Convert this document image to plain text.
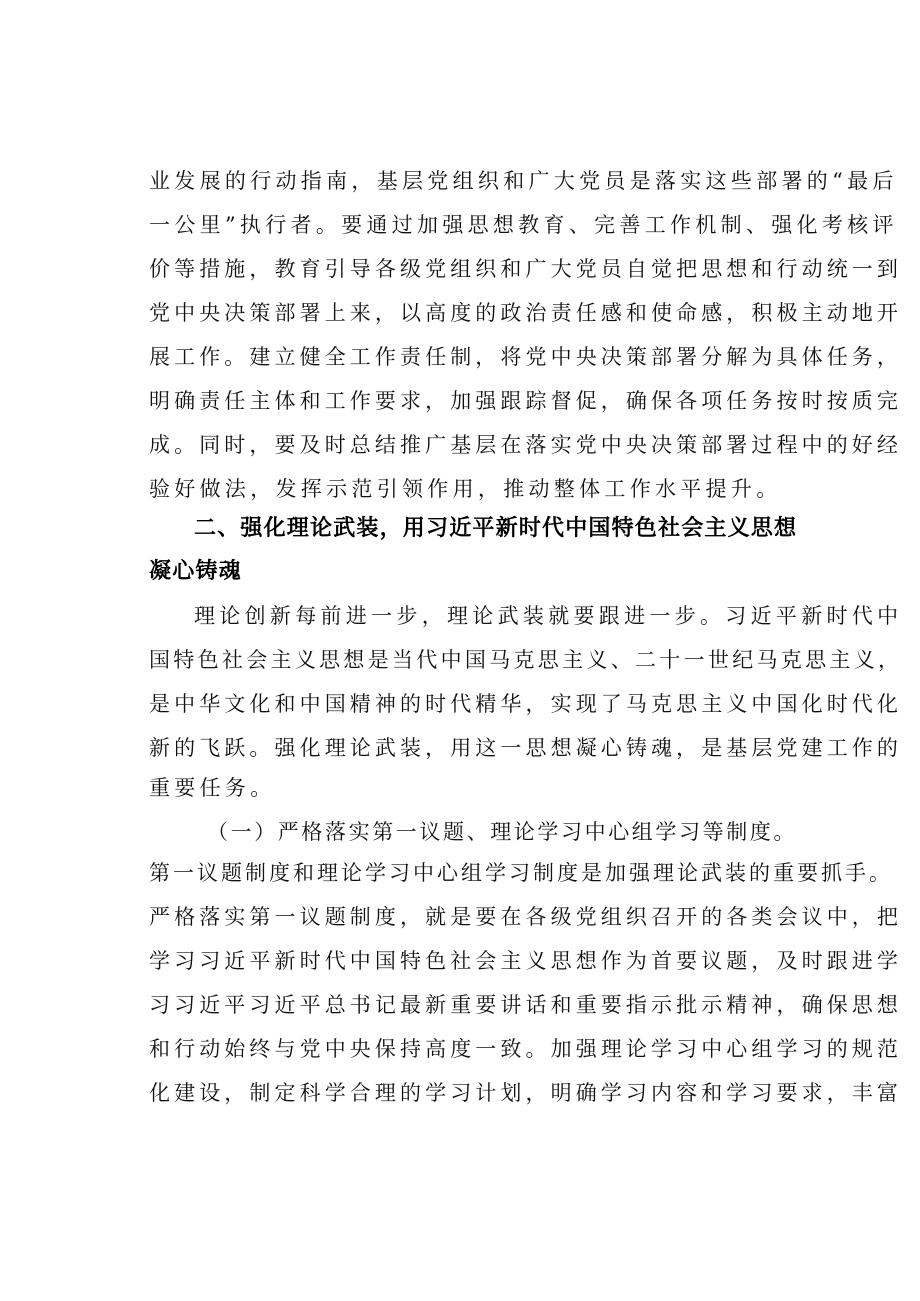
业发展的行动指南，基层党组织和广大党员是落实这些部署的“最后
一公里”执行者。要通过加强思想教育、完善工作机制、强化考核评
价等措施，教育引导各级党组织和广大党员自觉把思想和行动统一到
党中央决策部署上来，以高度的政治责任感和使命感，积极主动地开
展工作。建立健全工作责任制，将党中央决策部署分解为具体任务，
明确责任主体和工作要求，加强跟踪督促，确保各项任务按时按质完
成。同时，要及时总结推广基层在落实党中央决策部署过程中的好经
验好做法，发挥示范引领作用，推动整体工作水平提升。
二、强化理论武装，用习近平新时代中国特色社会主义思想
凝心铸魂
理论创新每前进一步，理论武装就要跟进一步。习近平新时代中
国特色社会主义思想是当代中国马克思主义、二十一世纪马克思主义，
是中华文化和中国精神的时代精华，实现了马克思主义中国化时代化
新的飞跃。强化理论武装，用这一思想凝心铸魂，是基层党建工作的
重要任务。
（一）严格落实第一议题、理论学习中心组学习等制度。
第一议题制度和理论学习中心组学习制度是加强理论武装的重要抓手。
严格落实第一议题制度，就是要在各级党组织召开的各类会议中，把
学习习近平新时代中国特色社会主义思想作为首要议题，及时跟进学
习习近平习近平总书记最新重要讲话和重要指示批示精神，确保思想
和行动始终与党中央保持高度一致。加强理论学习中心组学习的规范
化建设，制定科学合理的学习计划，明确学习内容和学习要求，丰富
